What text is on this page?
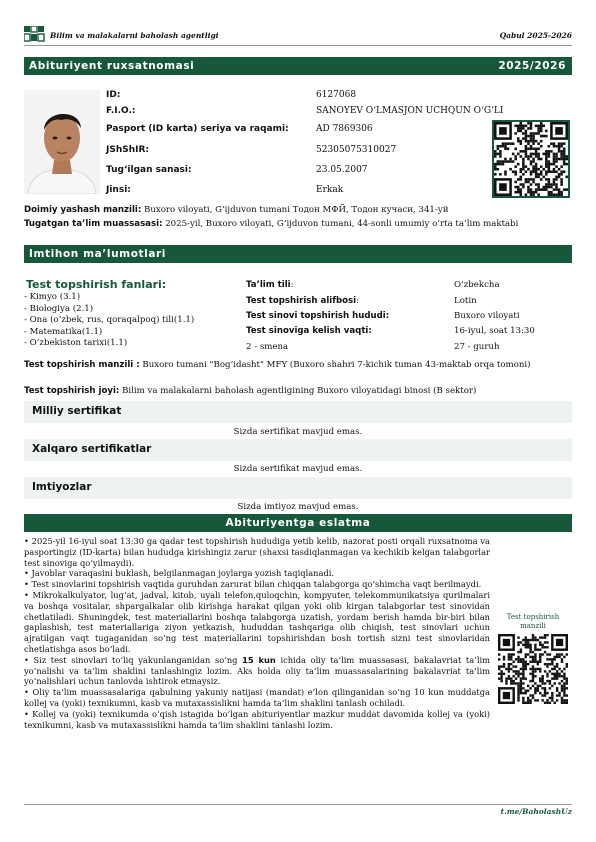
Bilim va malakalarni baholash agentligi	Qabul 2025-2026
Abituriyent ruxsatnomasi	2025/2026
ID:	6127068
F.I.O.:	SANOYEV O‘LMASJON UCHQUN O‘G‘LI
Pasport (ID karta) seriya va raqami:	AD 7869306
JShShIR:	52305075310027
Tug‘ilgan sanasi:	23.05.2007
Jinsi:	Erkak
Doimiy yashash manzili: Buxoro viloyati, G‘ijduvon tumani Тодон МФЙ, Тодон кучаси, 341-уй
Tugatgan ta’lim muassasasi: 2025-yil, Buxoro viloyati, G‘ijduvon tumani, 44-sonli umumiy o‘rta ta’lim maktabi
Imtihon ma’lumotlari
Test topshirish fanlari:
- Kimyo (3.1)
- Biologiya (2.1)
- Ona (o‘zbek, rus, qoraqalpoq) tili(1.1)
- Matematika(1.1)
- O‘zbekiston tarixi(1.1)
Ta’lim tili:	O‘zbekcha
Test topshirish alifbosi:	Lotin
Test sinovi topshirish hududi:	Buxoro viloyati
Test sinoviga kelish vaqti:	16-iyul, soat 13:30
2 - smena	27 - guruh
Test topshirish manzili : Buxoro tumani "Bog‘idasht" MFY (Buxoro shahri 7-kichik tuman 43-maktab orqa tomoni)
Test topshirish joyi: Bilim va malakalarni baholash agentligining Buxoro viloyatidagi binosi (B sektor)
Milliy sertifikat
Sizda sertifikat mavjud emas.
Xalqaro sertifikatlar
Sizda sertifikat mavjud emas.
Imtiyozlar
Sizda imtiyoz mavjud emas.
Abituriyentga eslatma

• 2025-yil 16-iyul soat 13:30 ga qadar test topshirish hududiga yetib kelib, nazorat posti orqali ruxsatnoma va pasportingiz (ID-karta) bilan hududga kirishingiz zarur (shaxsi tasdiqlanmagan va kechikib kelgan talabgorlar test sinoviga qo‘yilmaydi).

• Javoblar varaqasini buklash, belgilanmagan joylarga yozish taqiqlanadi.

• Test sinovlarini topshirish vaqtida guruhdan zarurat bilan chiqqan talabgorga qo‘shimcha vaqt berilmaydi.

• Mikrokalkulyator, lug‘at, jadval, kitob, uyali telefon,quloqchin, kompyuter, telekommunikatsiya qurilmalari va boshqa vositalar, shpargalkalar olib kirishga harakat qilgan yoki olib kirgan talabgorlar test sinovidan chetlatiladi. Shuningdek, test materiallarini boshqa talabgorga uzatish, yordam berish hamda bir-biri bilan gaplashish, test materiallariga ziyon yetkazish, hududdan tashqariga olib chiqish, test sinovlari uchun ajratilgan vaqt tugaganidan so‘ng test materiallarini topshirishdan bosh tortish sizni test sinovlaridan chetlatishga asos bo‘ladi.

• Siz test sinovlari to‘liq yakunlanganidan so‘ng 15 kun ichida oliy ta’lim muassasasi, bakalavriat ta’lim yo‘nalishi va ta’lim shaklini tanlashingiz lozim. Aks holda oliy ta’lim muassasalarining bakalavriat ta’lim yo‘nalishlari uchun tanlovda ishtirok etmaysiz.

• Oliy ta’lim muassasalariga qabulning yakuniy natijasi (mandat) e’lon qilinganidan so‘ng 10 kun muddatga kollej va (yoki) texnikumni, kasb va mutaxassislikni hamda ta’lim shaklini tanlash ochiladi.

• Kollej va (yoki) texnikumda o‘qish istagida bo‘lgan abituriyentlar mazkur muddat davomida kollej va (yoki) texnikumni, kasb va mutaxassislikni hamda ta’lim shaklini tanlashi lozim.

Test topshirish manzili
t.me/BaholashUz
